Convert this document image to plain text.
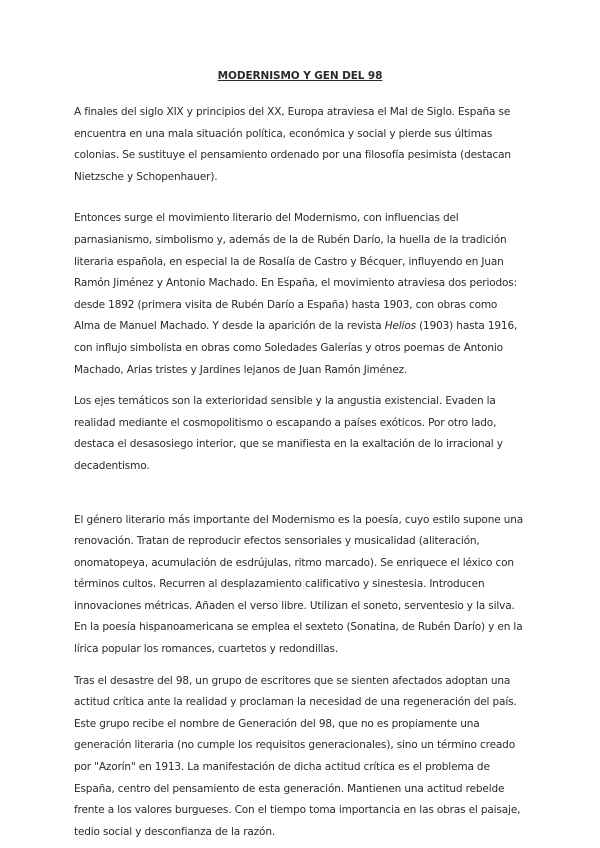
MODERNISMO Y GEN DEL 98

A finales del siglo XIX y principios del XX, Europa atraviesa el Mal de Siglo. España se encuentra en una mala situación política, económica y social y pierde sus últimas colonias. Se sustituye el pensamiento ordenado por una filosofía pesimista (destacan Nietzsche y Schopenhauer).

Entonces surge el movimiento literario del Modernismo, con influencias del parnasianismo, simbolismo y, además de la de Rubén Darío, la huella de la tradición literaria española, en especial la de Rosalía de Castro y Bécquer, influyendo en Juan Ramón Jiménez y Antonio Machado. En España, el movimiento atraviesa dos periodos: desde 1892 (primera visita de Rubén Darío a España) hasta 1903, con obras como Alma de Manuel Machado. Y desde la aparición de la revista Helios (1903) hasta 1916, con influjo simbolista en obras como Soledades Galerías y otros poemas de Antonio Machado, Arias tristes y Jardines lejanos de Juan Ramón Jiménez.

Los ejes temáticos son la exterioridad sensible y la angustia existencial. Evaden la realidad mediante el cosmopolitismo o escapando a países exóticos. Por otro lado, destaca el desasosiego interior, que se manifiesta en la exaltación de lo irracional y decadentismo.

El género literario más importante del Modernismo es la poesía, cuyo estilo supone una renovación. Tratan de reproducir efectos sensoriales y musicalidad (aliteración, onomatopeya, acumulación de esdrújulas, ritmo marcado). Se enriquece el léxico con términos cultos. Recurren al desplazamiento calificativo y sinestesia. Introducen innovaciones métricas. Añaden el verso libre. Utilizan el soneto, serventesio y la silva. En la poesía hispanoamericana se emplea el sexteto (Sonatina, de Rubén Darío) y en la lírica popular los romances, cuartetos y redondillas.

Tras el desastre del 98, un grupo de escritores que se sienten afectados adoptan una actitud crítica ante la realidad y proclaman la necesidad de una regeneración del país. Este grupo recibe el nombre de Generación del 98, que no es propiamente una generación literaria (no cumple los requisitos generacionales), sino un término creado por "Azorín" en 1913. La manifestación de dicha actitud crítica es el problema de España, centro del pensamiento de esta generación. Mantienen una actitud rebelde frente a los valores burgueses. Con el tiempo toma importancia en las obras el paisaje, tedio social y desconfianza de la razón.
